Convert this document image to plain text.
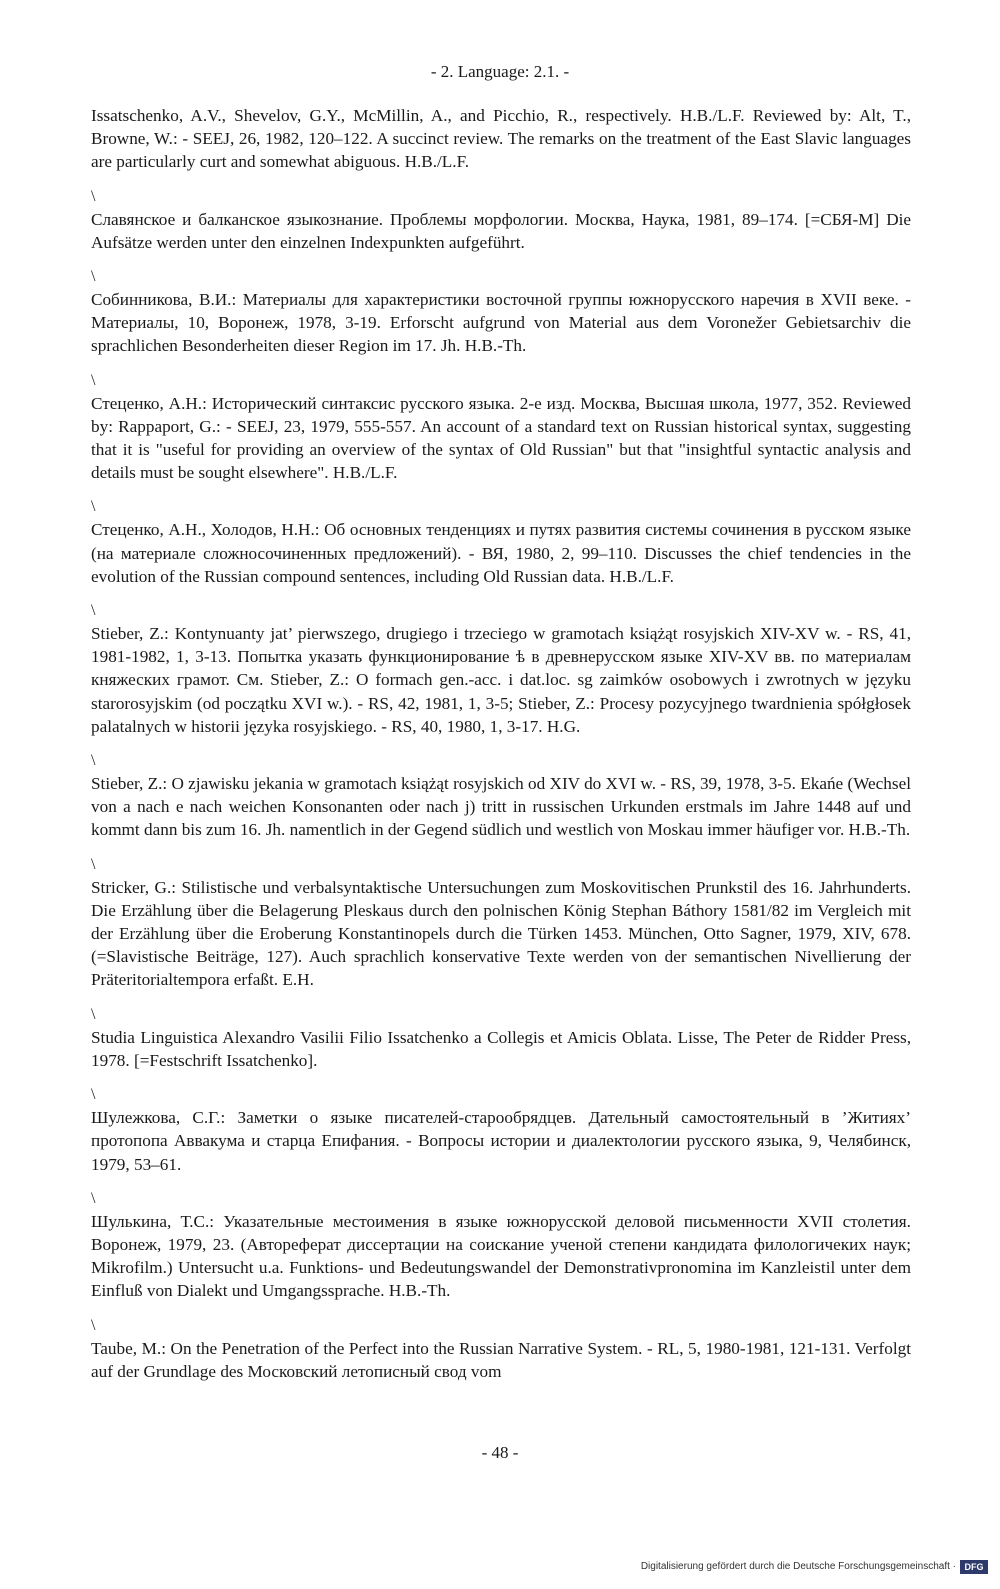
- 2. Language: 2.1. -
Issatschenko, A.V., Shevelov, G.Y., McMillin, A., and Picchio, R., respectively. H.B./L.F. Reviewed by: Alt, T., Browne, W.: - SEEJ, 26, 1982, 120–122. A succinct review. The remarks on the treatment of the East Slavic languages are particularly curt and somewhat abiguous. H.B./L.F.
\
Славянское и балканское языкознание. Проблемы морфологии. Москва, Наука, 1981, 89–174. [=СБЯ-М] Die Aufsätze werden unter den einzelnen Indexpunkten aufgeführt.
\
Собинникова, В.И.: Материалы для характеристики восточной группы южнорусского наречия в XVII веке. - Материалы, 10, Воронеж, 1978, 3-19. Erforscht aufgrund von Material aus dem Voronežer Gebietsarchiv die sprachlichen Besonderheiten dieser Region im 17. Jh. H.B.-Th.
\
Стеценко, А.Н.: Исторический синтаксис русского языка. 2-е изд. Москва, Высшая школа, 1977, 352. Reviewed by: Rappaport, G.: - SEEJ, 23, 1979, 555-557. An account of a standard text on Russian historical syntax, suggesting that it is "useful for providing an overview of the syntax of Old Russian" but that "insightful syntactic analysis and details must be sought elsewhere". H.B./L.F.
\
Стеценко, А.Н., Холодов, Н.Н.: Об основных тенденциях и путях развития системы сочинения в русском языке (на материале сложносочиненных предложений). - ВЯ, 1980, 2, 99–110. Discusses the chief tendencies in the evolution of the Russian compound sentences, including Old Russian data. H.B./L.F.
\
Stieber, Z.: Kontynuanty jat’ pierwszego, drugiego i trzeciego w gramotach książąt rosyjskich XIV-XV w. - RS, 41, 1981-1982, 1, 3-13. Попытка указать функционирование ѣ в древнерусском языке XIV-XV вв. по материалам княжеских грамот. См. Stieber, Z.: O formach gen.-acc. i dat.loc. sg zaimków osobowych i zwrotnych w języku starorosyjskim (od początku XVI w.). - RS, 42, 1981, 1, 3-5; Stieber, Z.: Procesy pozycyjnego twardnienia spółgłosek palatalnych w historii języka rosyjskiego. - RS, 40, 1980, 1, 3-17. H.G.
\
Stieber, Z.: O zjawisku jekania w gramotach książąt rosyjskich od XIV do XVI w. - RS, 39, 1978, 3-5. Ekańe (Wechsel von a nach e nach weichen Konsonanten oder nach j) tritt in russischen Urkunden erstmals im Jahre 1448 auf und kommt dann bis zum 16. Jh. namentlich in der Gegend südlich und westlich von Moskau immer häufiger vor. H.B.-Th.
\
Stricker, G.: Stilistische und verbalsyntaktische Untersuchungen zum Moskovitischen Prunkstil des 16. Jahrhunderts. Die Erzählung über die Belagerung Pleskaus durch den polnischen König Stephan Báthory 1581/82 im Vergleich mit der Erzählung über die Eroberung Konstantinopels durch die Türken 1453. München, Otto Sagner, 1979, XIV, 678. (=Slavistische Beiträge, 127). Auch sprachlich konservative Texte werden von der semantischen Nivellierung der Präteritorialtempora erfaßt. E.H.
\
Studia Linguistica Alexandro Vasilii Filio Issatchenko a Collegis et Amicis Oblata. Lisse, The Peter de Ridder Press, 1978. [=Festschrift Issatchenko].
\
Шулежкова, С.Г.: Заметки о языке писателей-старообрядцев. Дательный самостоятельный в ’Житиях’ протопопа Аввакума и старца Епифания. - Вопросы истории и диалектологии русского языка, 9, Челябинск, 1979, 53–61.
\
Шулькина, Т.С.: Указательные местоимения в языке южнорусской деловой письменности XVII столетия. Воронеж, 1979, 23. (Автореферат диссертации на соискание ученой степени кандидата филологичеких наук; Mikrofilm.) Untersucht u.a. Funktions- und Bedeutungswandel der Demonstrativpronomina im Kanzleistil unter dem Einfluß von Dialekt und Umgangssprache. H.B.-Th.
\
Taube, M.: On the Penetration of the Perfect into the Russian Narrative System. - RL, 5, 1980-1981, 121-131. Verfolgt auf der Grundlage des Московский летописный свод vom
- 48 -
Digitalisierung gefördert durch die Deutsche Forschungsgemeinschaft · DFG
